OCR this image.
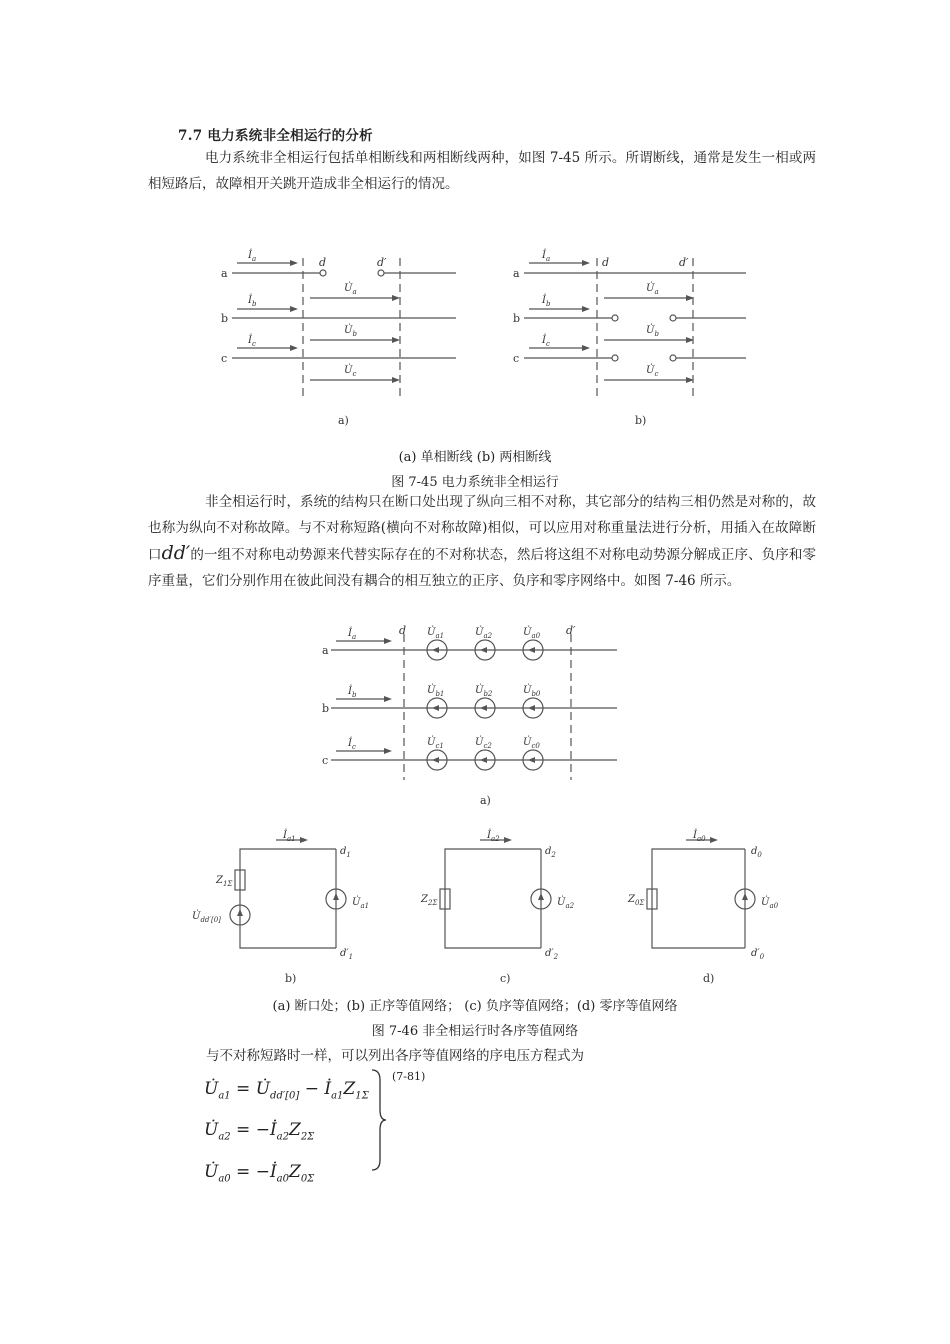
7.7 电力系统非全相运行的分析

电力系统非全相运行包括单相断线和两相断线两种，如图 7-45 所示。所谓断线，通常是发生一相或两相短路后，故障相开关跳开造成非全相运行的情况。

a
b
c
d	d′
a
b
c
d	d′
a)	b)
$İ_a$
$İ_b$
$İ_c$
$U̇_a$
$U̇_b$
$U̇_c$
$İ_a$
$İ_b$
$İ_c$
$U̇_a$
$U̇_b$
$U̇_c$
(a) 单相断线 (b) 两相断线
图 7-45 电力系统非全相运行

非全相运行时，系统的结构只在断口处出现了纵向三相不对称，其它部分的结构三相仍然是对称的，故也称为纵向不对称故障。与不对称短路(横向不对称故障)相似，可以应用对称重量法进行分析，用插入在故障断口dd′的一组不对称电动势源来代替实际存在的不对称状态，然后将这组不对称电动势源分解成正序、负序和零序重量，它们分别作用在彼此间没有耦合的相互独立的正序、负序和零序网络中。如图 7-46 所示。

a
b
c
d	d′
a)
$İ_a$
$İ_b$
$İ_c$
$U̇_{a1}$	$U̇_{a2}$	$U̇_{a0}$
$U̇_{b1}$	$U̇_{b2}$	$U̇_{b0}$
$U̇_{c1}$	$U̇_{c2}$	$U̇_{c0}$
b)	c)	d)
$İ_{a1}$	$İ_{a2}$	$İ_{a0}$
$d_1$	$d_2$	$d_0$
$d'_1$	$d'_2$	$d'_0$
$Z_{1\Sigma}$
$Z_{2\Sigma}$	$Z_{0\Sigma}$
$U̇_{dd'[0]}$
$U̇_{a1}$	$U̇_{a2}$	$U̇_{a0}$
(a) 断口处；(b) 正序等值网络； (c) 负序等值网络；(d) 零序等值网络
图 7-46 非全相运行时各序等值网络
与不对称短路时一样，可以列出各序等值网络的序电压方程式为
$U̇_{a1}$ = $U̇_{dd'[0]}$ − $İ_{a1}Z_{1\Sigma}$
$U̇_{a2}$ = $-İ_{a2}Z_{2\Sigma}$
$U̇_{a0}$ = $-İ_{a0}Z_{0\Sigma}$
(7-81)
